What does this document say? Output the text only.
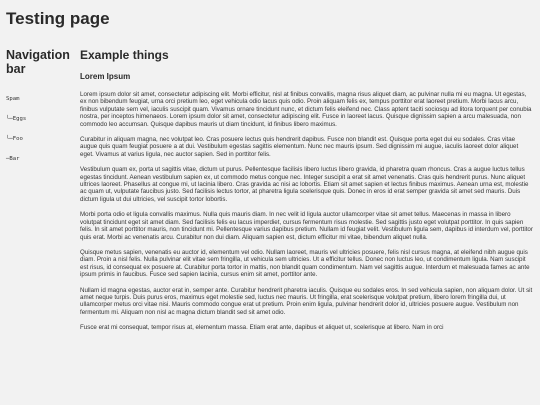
Testing page
Navigation bar

Spam

└─Eggs

└─Foo

─Bar

Example things
Lorem Ipsum

Lorem ipsum dolor sit amet, consectetur adipiscing elit. Morbi efficitur, nisl at finibus convallis, magna risus aliquet diam, ac pulvinar nulla mi eu magna. Ut egestas, ex non bibendum feugiat, urna orci pretium leo, eget vehicula odio lacus quis odio. Proin aliquam felis ex, tempus porttitor erat laoreet pretium. Morbi lacus arcu, finibus vulputate sem vel, iaculis suscipit quam. Vivamus ornare tincidunt nunc, et dictum felis eleifend nec. Class aptent taciti sociosqu ad litora torquent per conubia nostra, per inceptos himenaeos. Lorem ipsum dolor sit amet, consectetur adipiscing elit. Fusce in laoreet lacus. Quisque dignissim sapien a arcu malesuada, non commodo leo accumsan. Quisque dapibus mauris ut diam tincidunt, id finibus libero maximus.

Curabitur in aliquam magna, nec volutpat leo. Cras posuere lectus quis hendrerit dapibus. Fusce non blandit est. Quisque porta eget dui eu sodales. Cras vitae augue quis quam feugiat posuere a at dui. Vestibulum egestas sagittis elementum. Nunc nec mauris ipsum. Sed dignissim mi augue, iaculis laoreet dolor aliquet eget. Vivamus at varius ligula, nec auctor sapien. Sed in porttitor felis.

Vestibulum quam ex, porta ut sagittis vitae, dictum ut purus. Pellentesque facilisis libero luctus libero gravida, id pharetra quam rhoncus. Cras a augue luctus tellus egestas tincidunt. Aenean vestibulum sapien ex, ut commodo metus congue nec. Integer suscipit a erat sit amet venenatis. Cras quis hendrerit purus. Nunc aliquet ultrices laoreet. Phasellus at congue mi, ut lacinia libero. Cras gravida ac nisi ac lobortis. Etiam sit amet sapien et lectus finibus maximus. Aenean urna est, molestie ac quam ut, vulputate faucibus justo. Sed facilisis lectus tortor, at pharetra ligula scelerisque quis. Donec in eros id erat semper gravida sit amet sed mauris. Duis dictum ligula ut dui ultricies, vel suscipit tortor lobortis.

Morbi porta odio et ligula convallis maximus. Nulla quis mauris diam. In nec velit id ligula auctor ullamcorper vitae sit amet tellus. Maecenas in massa in libero volutpat tincidunt eget sit amet diam. Sed facilisis felis eu lacus imperdiet, cursus fermentum risus molestie. Sed sagittis justo eget volutpat porttitor. In quis sapien felis. In sit amet porttitor mauris, non tincidunt mi. Pellentesque varius dapibus pretium. Nullam id feugiat velit. Vestibulum ligula sem, dapibus id interdum vel, porttitor quis erat. Morbi ac venenatis arcu. Curabitur non dui diam. Aliquam sapien est, dictum efficitur mi vitae, bibendum aliquet nulla.

Quisque metus sapien, venenatis eu auctor id, elementum vel odio. Nullam laoreet, mauris vel ultricies posuere, felis nisl cursus magna, at eleifend nibh augue quis diam. Proin a nisl felis. Nulla pulvinar elit vitae sem fringilla, ut vehicula sem ultricies. Ut a efficitur tellus. Donec non luctus leo, ut condimentum ligula. Nam suscipit est risus, id consequat ex posuere at. Curabitur porta tortor in mattis, non blandit quam condimentum. Nam vel sagittis augue. Interdum et malesuada fames ac ante ipsum primis in faucibus. Fusce sed sapien lacinia, cursus enim sit amet, porttitor ante.

Nullam id magna egestas, auctor erat in, semper ante. Curabitur hendrerit pharetra iaculis. Quisque eu sodales eros. In sed vehicula sapien, non aliquam dolor. Ut sit amet neque turpis. Duis purus eros, maximus eget molestie sed, luctus nec mauris. Ut fringilla, erat scelerisque volutpat pretium, libero lorem fringilla dui, ut ullamcorper metus orci vitae nisi. Mauris commodo congue erat ut pretium. Proin enim ligula, pulvinar hendrerit dolor id, ultricies posuere augue. Vestibulum non fermentum mi. Aliquam non nisl ac magna dictum blandit sed sit amet odio.

Fusce erat mi consequat, tempor risus at, elementum massa. Etiam erat ante, dapibus et aliquet ut, scelerisque at libero. Nam in orci
